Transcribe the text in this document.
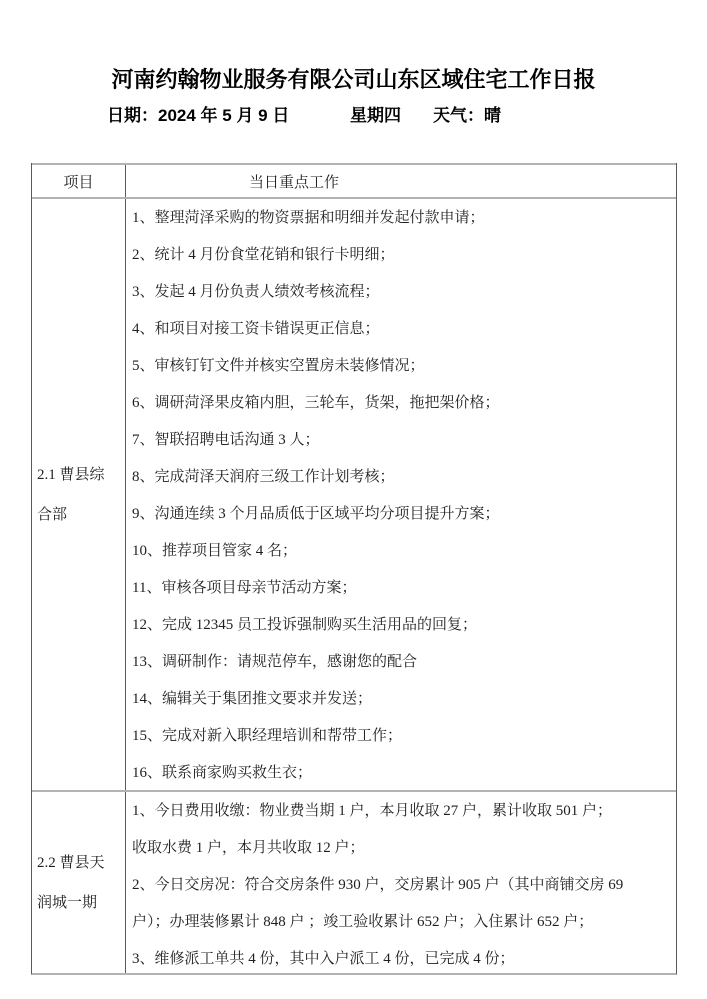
河南约翰物业服务有限公司山东区域住宅工作日报
日期：2024 年 5 月 9 日	星期四 天气：晴
项目	当日重点工作
2.1 曹县综
合部
1、整理菏泽采购的物资票据和明细并发起付款申请；
2、统计 4 月份食堂花销和银行卡明细；
3、发起 4 月份负责人绩效考核流程；
4、和项目对接工资卡错误更正信息；
5、审核钉钉文件并核实空置房未装修情况；
6、调研菏泽果皮箱内胆，三轮车，货架，拖把架价格；
7、智联招聘电话沟通 3 人；
8、完成菏泽天润府三级工作计划考核；
9、沟通连续 3 个月品质低于区域平均分项目提升方案；
10、推荐项目管家 4 名；
11、审核各项目母亲节活动方案；
12、完成 12345 员工投诉强制购买生活用品的回复；
13、调研制作：请规范停车，感谢您的配合
14、编辑关于集团推文要求并发送；
15、完成对新入职经理培训和帮带工作；
16、联系商家购买救生衣；
2.2 曹县天
润城一期
1、今日费用收缴：物业费当期 1 户，本月收取 27 户，累计收取 501 户；
收取水费 1 户，本月共收取 12 户；
2、今日交房况：符合交房条件 930 户，交房累计 905 户（其中商铺交房 69
户）；办理装修累计 848 户 ；竣工验收累计 652 户；入住累计 652 户；
3、维修派工单共 4 份，其中入户派工 4 份，已完成 4 份；
